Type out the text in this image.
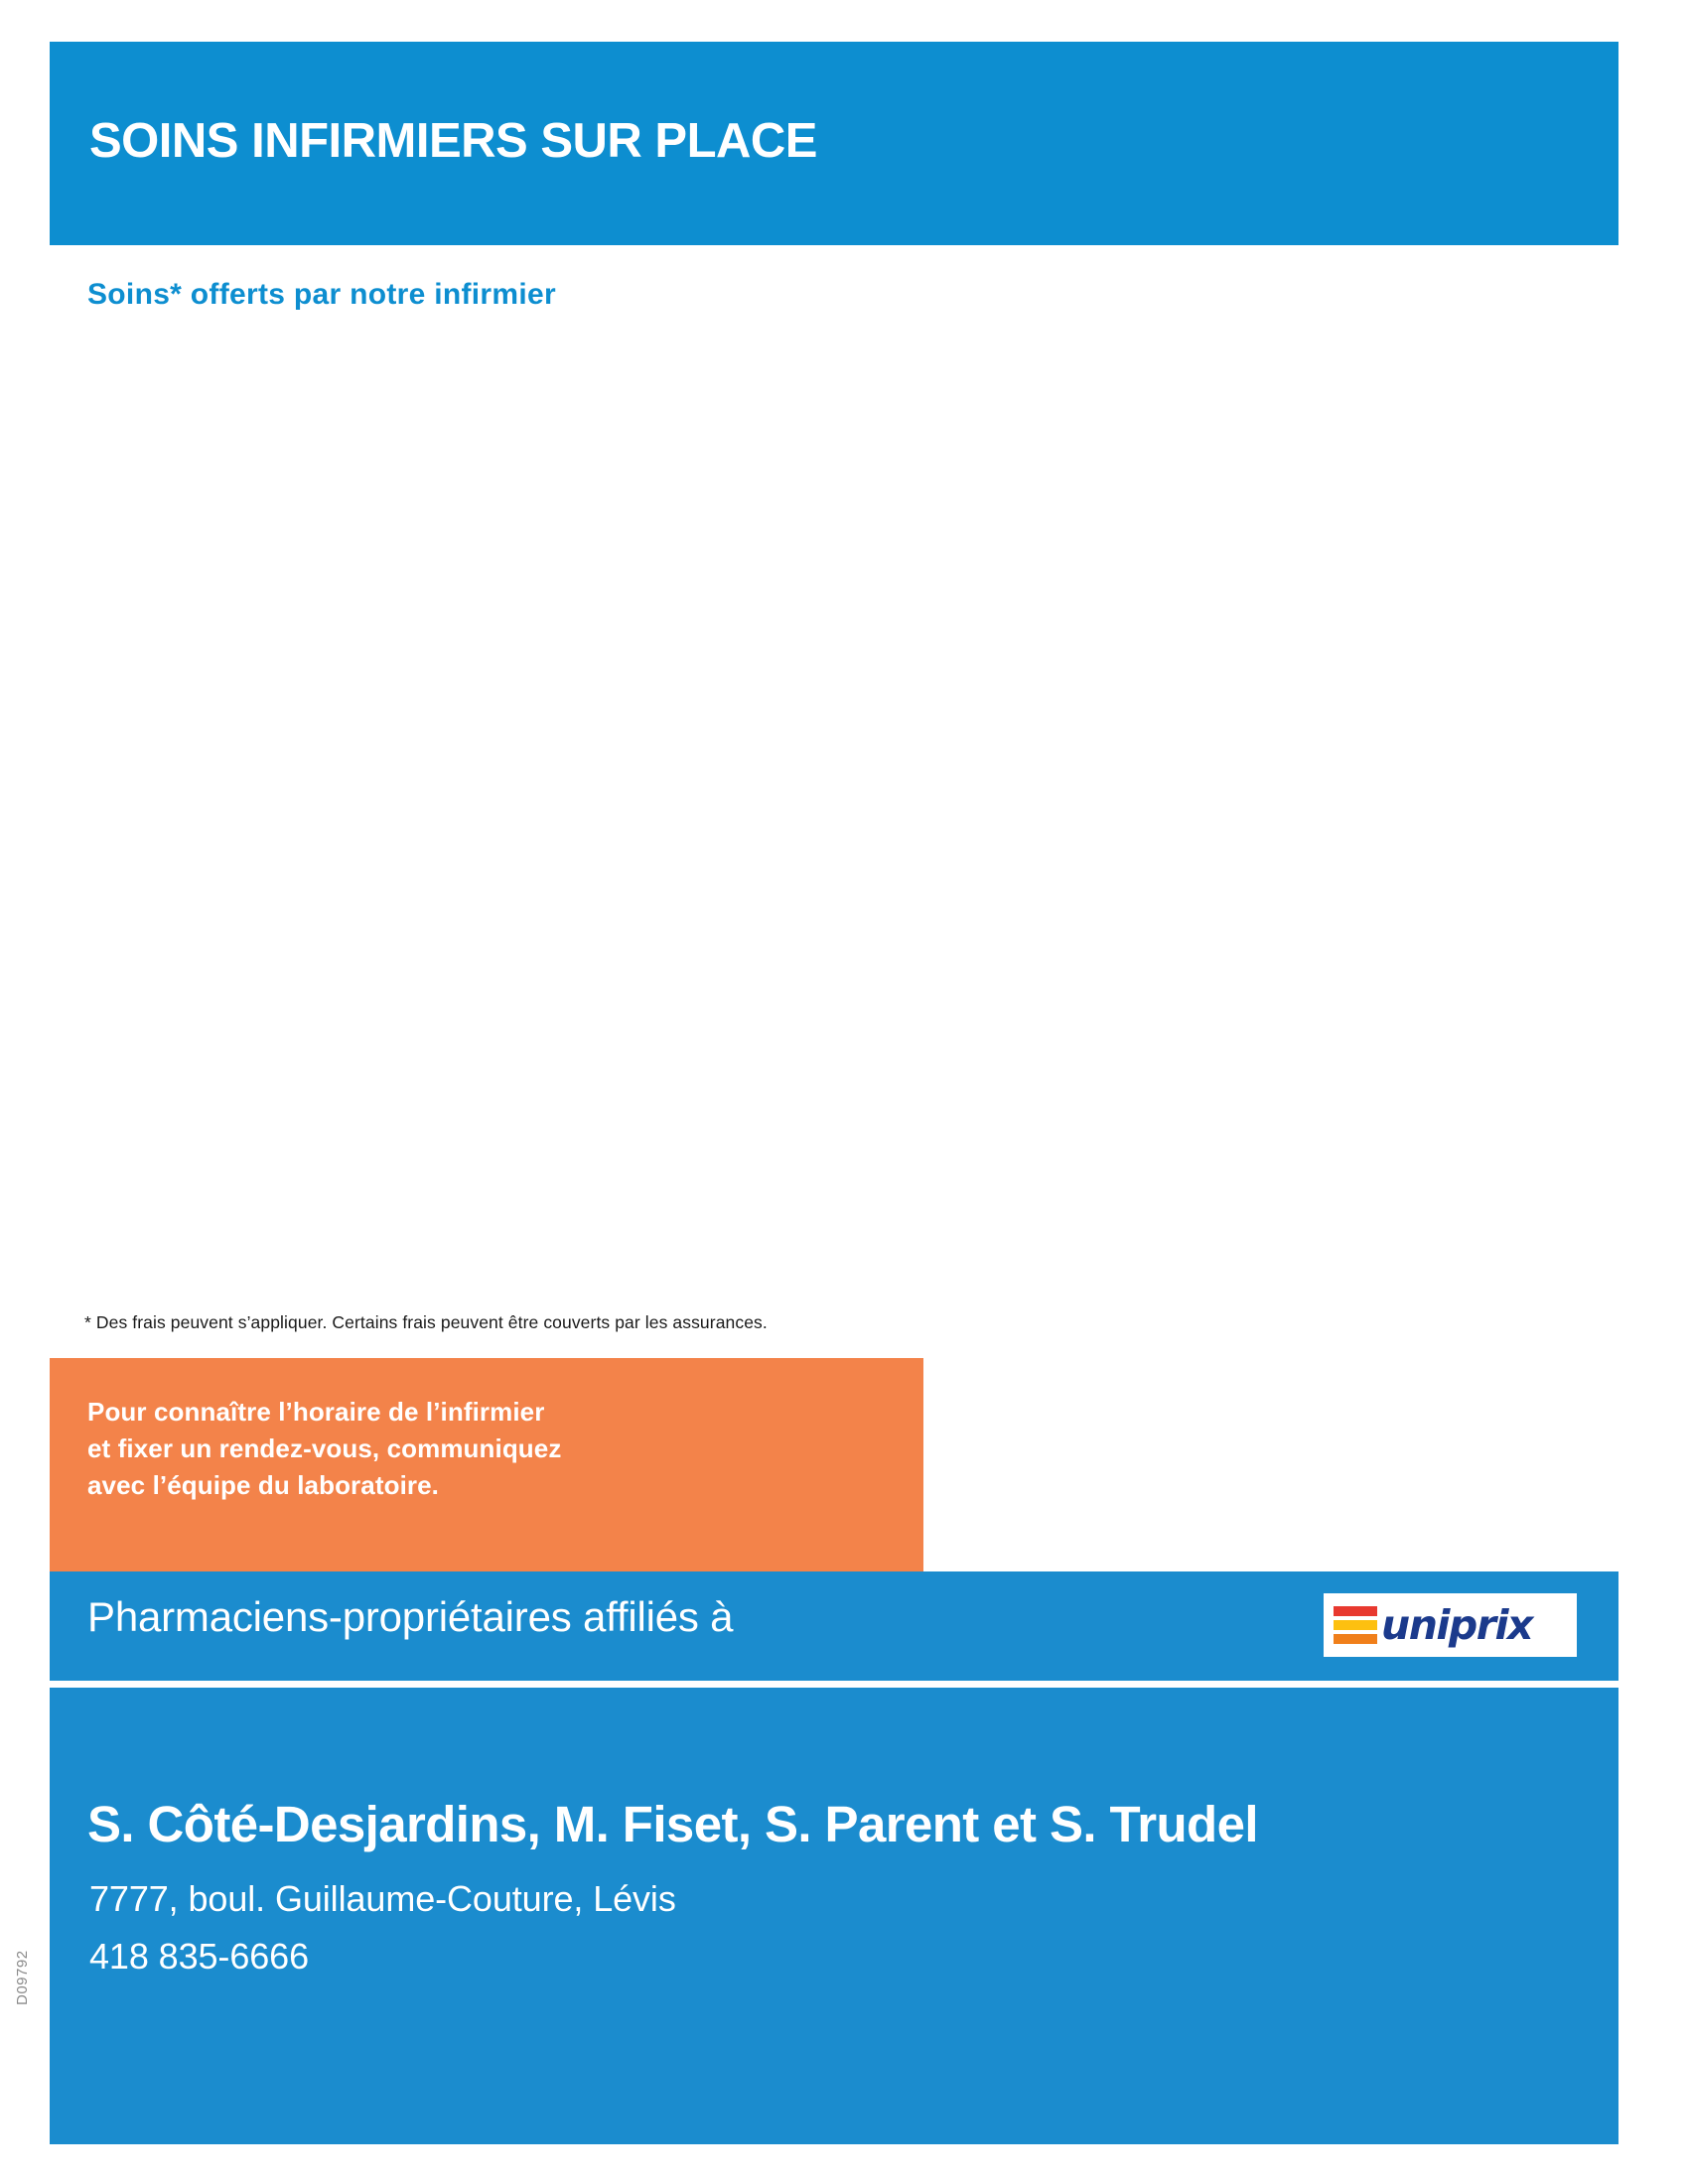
SOINS INFIRMIERS SUR PLACE
Soins* offerts par notre infirmier
* Des frais peuvent s’appliquer. Certains frais peuvent être couverts par les assurances.
Pour connaître l’horaire de l’infirmier
et fixer un rendez-vous, communiquez
avec l’équipe du laboratoire.
Pharmaciens-propriétaires affiliés à	uniprix
S. Côté-Desjardins, M. Fiset, S. Parent et S. Trudel
7777, boul. Guillaume-Couture, Lévis
418 835-6666
D09792
